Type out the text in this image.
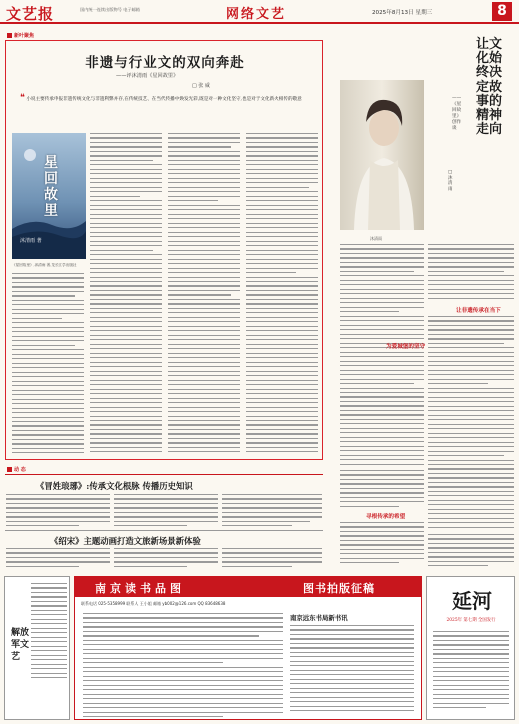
文艺报	国内统一连续出版物号 电子邮箱	网络文艺	2025年8月13日 星期三	8
新叶聚焦
非遗与行业文的双向奔赴
——评沐清雨《星回故里》
□ 张 威
❝ 小说主要传承申报非遗传统文化与非遗利弊并存,在传统技艺、在当代传播中焕发光彩,既是对一种文化坚守,也是对于文化新火相传的敬意
星回故里
沐清雨 著
《星回故里》,沐清雨 著,龙长江学出版社
让文化始终决定故事的精神走向
——《星回故里》创作谈
□ 沐清雨
沐清雨
为爱城堡的坚守
让非遗传承在当下
寻根传承的希望
动 态
《冒姓琅琊》:传承文化根脉 传播历史知识
《绍宋》主题动画打造文旅新场景新体验
解放军文艺
南京读书品图	图书拍版征稿
联系电话 025-5358999 联系人 王小姐 邮箱 yb002@126.com QQ 83648638
南京远东书局新书讯
延河
2025年 第七期 全国发行
